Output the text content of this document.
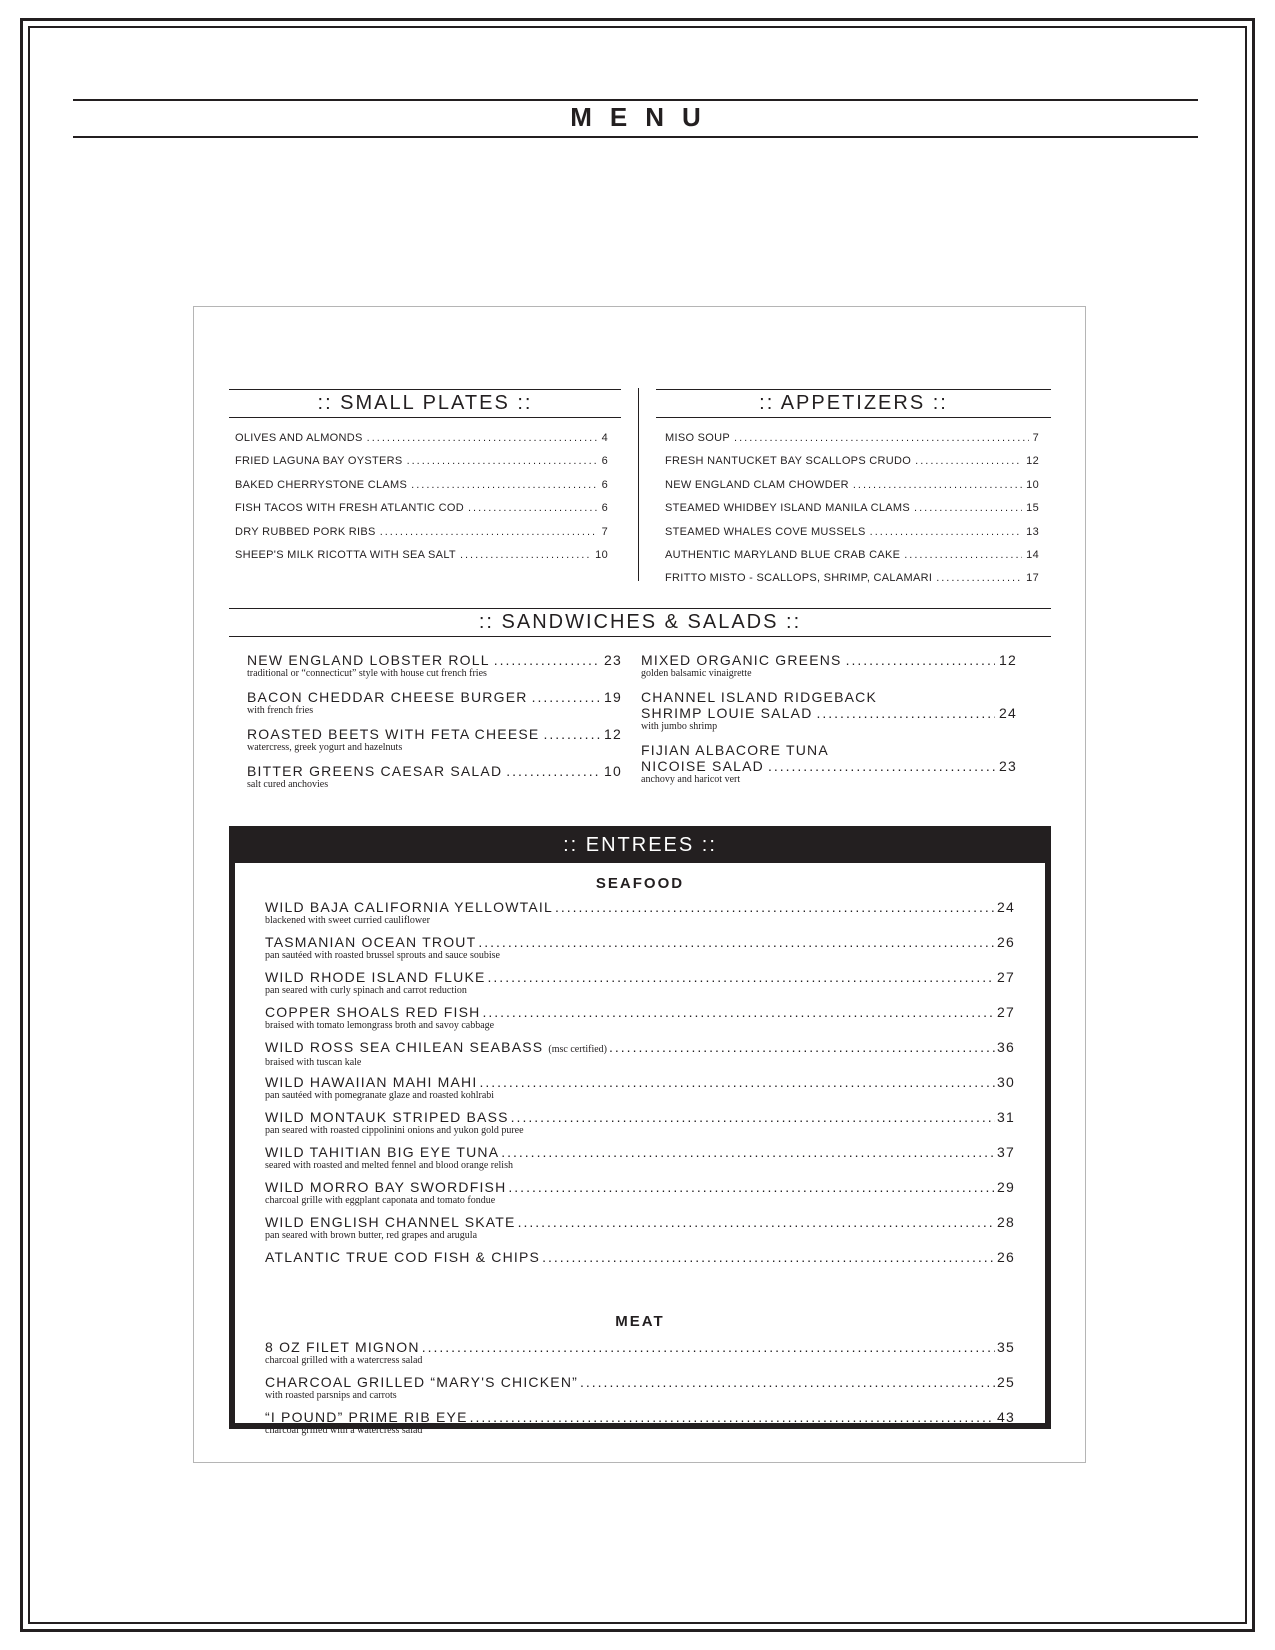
MENU
:: SMALL PLATES ::
OLIVES AND ALMONDS .....	4
FRIED LAGUNA BAY OYSTERS .....	6
BAKED CHERRYSTONE CLAMS .....	6
FISH TACOS WITH FRESH ATLANTIC COD .....	6
DRY RUBBED PORK RIBS .....	7
SHEEP'S MILK RICOTTA WITH SEA SALT .....	10
:: APPETIZERS ::
MISO SOUP .....	7
FRESH NANTUCKET BAY SCALLOPS CRUDO .....	12
NEW ENGLAND CLAM CHOWDER .....	10
STEAMED WHIDBEY ISLAND MANILA CLAMS .....	15
STEAMED WHALES COVE MUSSELS .....	13
AUTHENTIC MARYLAND BLUE CRAB CAKE .....	14
FRITTO MISTO - SCALLOPS, SHRIMP, CALAMARI .....	17
:: SANDWICHES & SALADS ::
NEW ENGLAND LOBSTER ROLL .....	23
traditional or “connecticut” style with house cut french fries
BACON CHEDDAR CHEESE BURGER .....	19
with french fries
ROASTED BEETS WITH FETA CHEESE .....	12
watercress, greek yogurt and hazelnuts
BITTER GREENS CAESAR SALAD .....	10
salt cured anchovies
MIXED ORGANIC GREENS .....	12
golden balsamic vinaigrette
CHANNEL ISLAND RIDGEBACK
SHRIMP LOUIE SALAD .....	24
with jumbo shrimp
FIJIAN ALBACORE TUNA
NICOISE SALAD .....	23
anchovy and haricot vert
:: ENTREES ::
SEAFOOD
WILD BAJA CALIFORNIA YELLOWTAIL .....	24
blackened with sweet curried cauliflower
TASMANIAN OCEAN TROUT .....	26
pan sautéed with roasted brussel sprouts and sauce soubise
WILD RHODE ISLAND FLUKE .....	27
pan seared with curly spinach and carrot reduction
COPPER SHOALS RED FISH .....	27
braised with tomato lemongrass broth and savoy cabbage
WILD ROSS SEA CHILEAN SEABASS
(msc certified) .....	36
braised with tuscan kale
WILD HAWAIIAN MAHI MAHI .....	30
pan sautéed with pomegranate glaze and roasted kohlrabi
WILD MONTAUK STRIPED BASS .....	31
pan seared with roasted cippolinini onions and yukon gold puree
WILD TAHITIAN BIG EYE TUNA .....	37
seared with roasted and melted fennel and blood orange relish
WILD MORRO BAY SWORDFISH .....	29
charcoal grille with eggplant caponata and tomato fondue
WILD ENGLISH CHANNEL SKATE .....	28
pan seared with brown butter, red grapes and arugula
ATLANTIC TRUE COD FISH & CHIPS .....	26
MEAT
8 OZ FILET MIGNON .....	35
charcoal grilled with a watercress salad
CHARCOAL GRILLED “MARY'S CHICKEN” .....	25
with roasted parsnips and carrots
“I POUND” PRIME RIB EYE .....	43
charcoal grilled with a watercress salad
